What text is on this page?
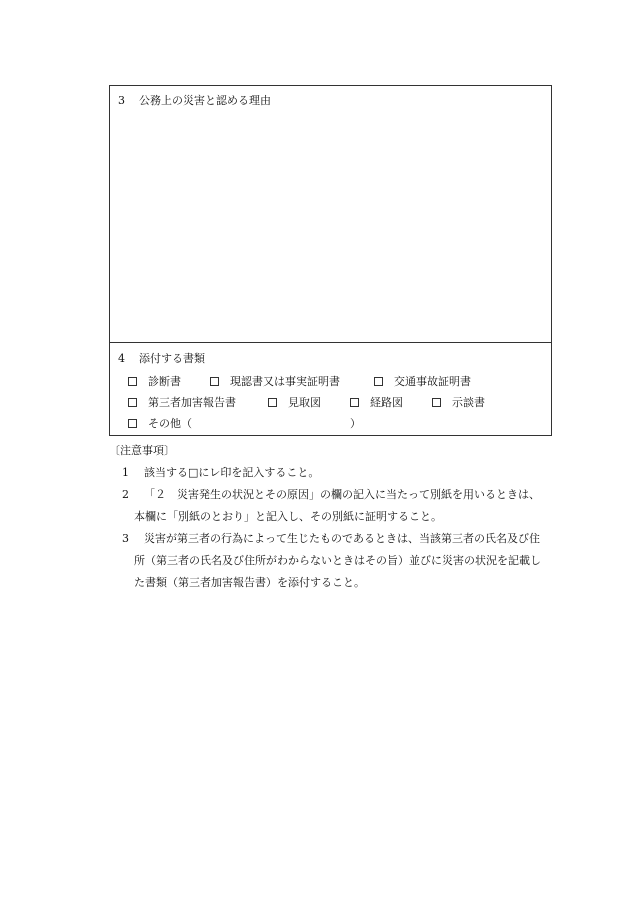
3 公務上の災害と認める理由
4 添付する書類
診断書	現認書又は事実証明書	交通事故証明書
第三者加害報告書	見取図	経路図	示談書
その他（	）
〔注意事項〕
1 該当する□にレ印を記入すること。
2 「２　災害発生の状況とその原因」の欄の記入に当たって別紙を用いるときは、
本欄に「別紙のとおり」と記入し、その別紙に証明すること。
3 災害が第三者の行為によって生じたものであるときは、当該第三者の氏名及び住
所（第三者の氏名及び住所がわからないときはその旨）並びに災害の状況を記載し
た書類（第三者加害報告書）を添付すること。
